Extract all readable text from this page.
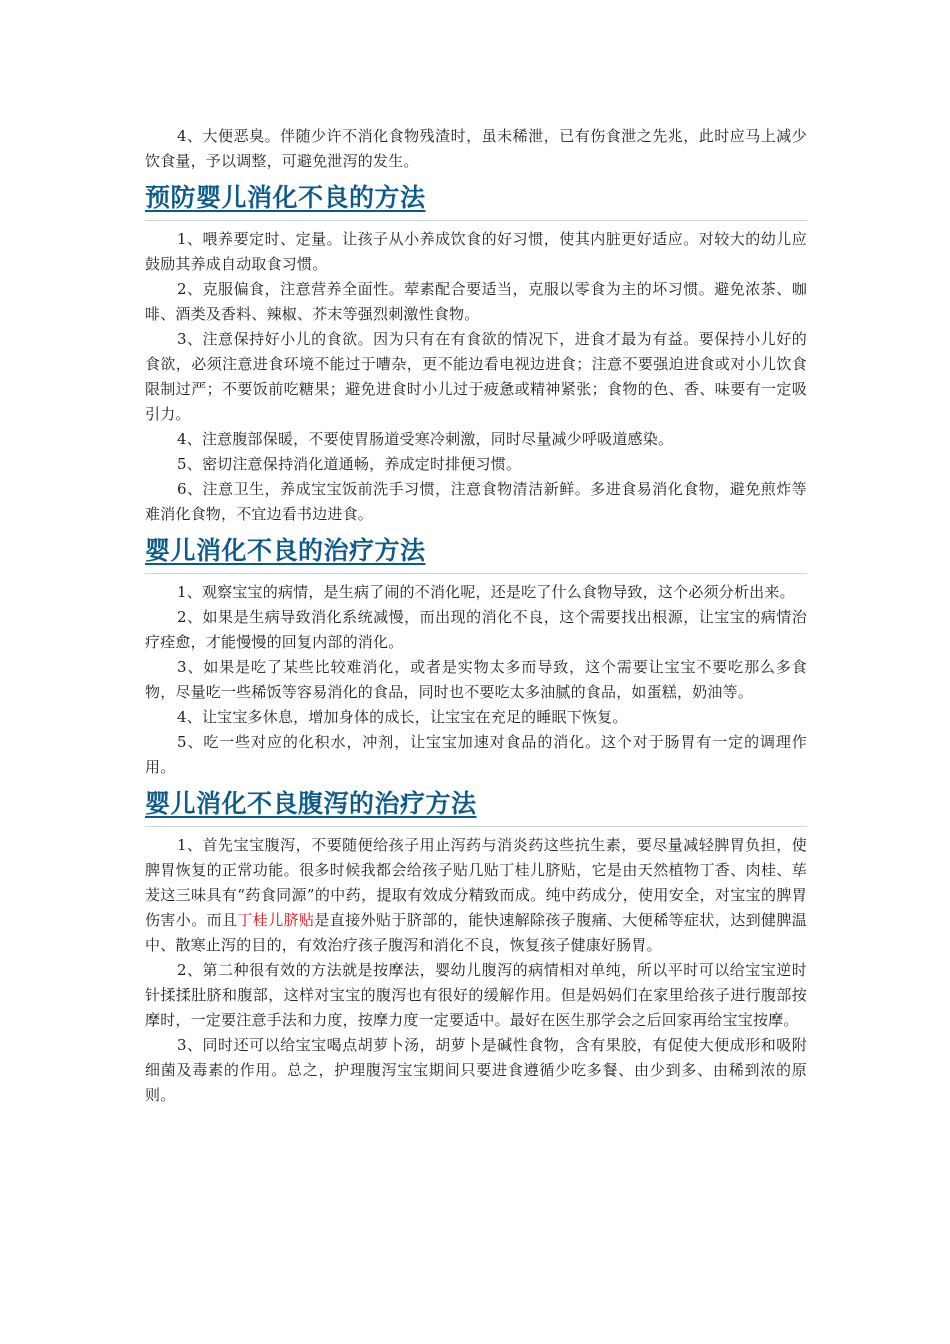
4、大便恶臭。伴随少许不消化食物残渣时，虽未稀泄，已有伤食泄之先兆，此时应马上减少饮食量，予以调整，可避免泄泻的发生。

预防婴儿消化不良的方法

1、喂养要定时、定量。让孩子从小养成饮食的好习惯，使其内脏更好适应。对较大的幼儿应鼓励其养成自动取食习惯。

2、克服偏食，注意营养全面性。荤素配合要适当，克服以零食为主的坏习惯。避免浓茶、咖啡、酒类及香料、辣椒、芥末等强烈刺激性食物。

3、注意保持好小儿的食欲。因为只有在有食欲的情况下，进食才最为有益。要保持小儿好的食欲，必须注意进食环境不能过于嘈杂，更不能边看电视边进食；注意不要强迫进食或对小儿饮食限制过严；不要饭前吃糖果；避免进食时小儿过于疲惫或精神紧张；食物的色、香、味要有一定吸引力。

4、注意腹部保暖，不要使胃肠道受寒冷刺激，同时尽量减少呼吸道感染。

5、密切注意保持消化道通畅，养成定时排便习惯。

6、注意卫生，养成宝宝饭前洗手习惯，注意食物清洁新鲜。多进食易消化食物，避免煎炸等难消化食物，不宜边看书边进食。

婴儿消化不良的治疗方法

1、观察宝宝的病情，是生病了闹的不消化呢，还是吃了什么食物导致，这个必须分析出来。

2、如果是生病导致消化系统减慢，而出现的消化不良，这个需要找出根源，让宝宝的病情治疗痊愈，才能慢慢的回复内部的消化。

3、如果是吃了某些比较难消化，或者是实物太多而导致，这个需要让宝宝不要吃那么多食物，尽量吃一些稀饭等容易消化的食品，同时也不要吃太多油腻的食品，如蛋糕，奶油等。

4、让宝宝多休息，增加身体的成长，让宝宝在充足的睡眠下恢复。

5、吃一些对应的化积水，冲剂，让宝宝加速对食品的消化。这个对于肠胃有一定的调理作用。

婴儿消化不良腹泻的治疗方法

1、首先宝宝腹泻，不要随便给孩子用止泻药与消炎药这些抗生素，要尽量减轻脾胃负担，使脾胃恢复的正常功能。很多时候我都会给孩子贴几贴丁桂儿脐贴，它是由天然植物丁香、肉桂、荜茇这三味具有“药食同源”的中药，提取有效成分精致而成。纯中药成分，使用安全，对宝宝的脾胃伤害小。而且丁桂儿脐贴是直接外贴于脐部的，能快速解除孩子腹痛、大便稀等症状，达到健脾温中、散寒止泻的目的，有效治疗孩子腹泻和消化不良，恢复孩子健康好肠胃。

2、第二种很有效的方法就是按摩法，婴幼儿腹泻的病情相对单纯，所以平时可以给宝宝逆时针揉揉肚脐和腹部，这样对宝宝的腹泻也有很好的缓解作用。但是妈妈们在家里给孩子进行腹部按摩时，一定要注意手法和力度，按摩力度一定要适中。最好在医生那学会之后回家再给宝宝按摩。

3、同时还可以给宝宝喝点胡萝卜汤，胡萝卜是碱性食物，含有果胶，有促使大便成形和吸附细菌及毒素的作用。总之，护理腹泻宝宝期间只要进食遵循少吃多餐、由少到多、由稀到浓的原则。
